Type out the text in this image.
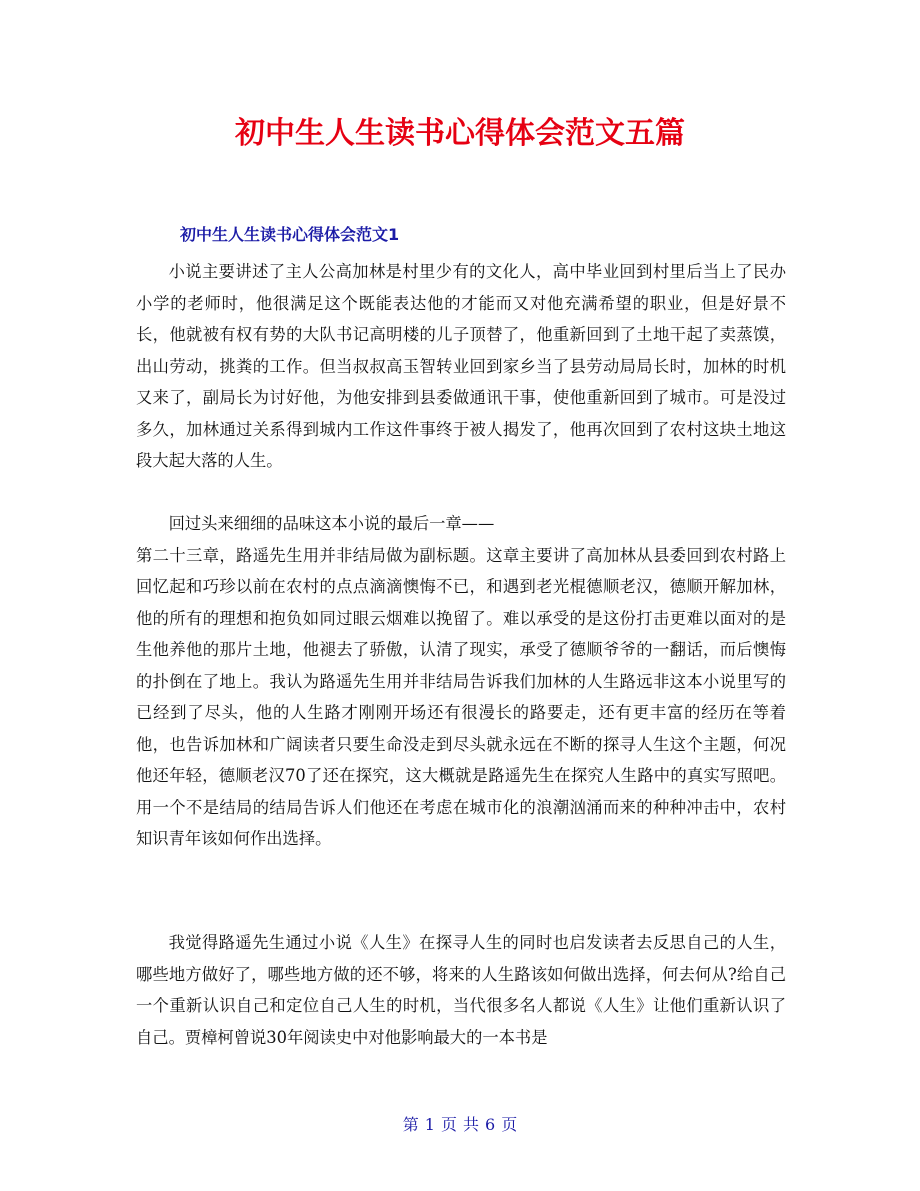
初中生人生读书心得体会范文五篇
初中生人生读书心得体会范文1

小说主要讲述了主人公高加林是村里少有的文化人，高中毕业回到村里后当上了民办小学的老师时，他很满足这个既能表达他的才能而又对他充满希望的职业，但是好景不长，他就被有权有势的大队书记高明楼的儿子顶替了，他重新回到了土地干起了卖蒸馍，出山劳动，挑粪的工作。但当叔叔高玉智转业回到家乡当了县劳动局局长时，加林的时机又来了，副局长为讨好他，为他安排到县委做通讯干事，使他重新回到了城市。可是没过多久，加林通过关系得到城内工作这件事终于被人揭发了，他再次回到了农村这块土地这段大起大落的人生。

回过头来细细的品味这本小说的最后一章——
第二十三章，路遥先生用并非结局做为副标题。这章主要讲了高加林从县委回到农村路上回忆起和巧珍以前在农村的点点滴滴懊悔不已，和遇到老光棍德顺老汉，德顺开解加林，他的所有的理想和抱负如同过眼云烟难以挽留了。难以承受的是这份打击更难以面对的是生他养他的那片土地，他褪去了骄傲，认清了现实，承受了德顺爷爷的一翻话，而后懊悔的扑倒在了地上。我认为路遥先生用并非结局告诉我们加林的人生路远非这本小说里写的已经到了尽头，他的人生路才刚刚开场还有很漫长的路要走，还有更丰富的经历在等着他，也告诉加林和广阔读者只要生命没走到尽头就永远在不断的探寻人生这个主题，何况他还年轻，德顺老汉70了还在探究，这大概就是路遥先生在探究人生路中的真实写照吧。用一个不是结局的结局告诉人们他还在考虑在城市化的浪潮汹涌而来的种种冲击中，农村知识青年该如何作出选择。

我觉得路遥先生通过小说《人生》在探寻人生的同时也启发读者去反思自己的人生，哪些地方做好了，哪些地方做的还不够，将来的人生路该如何做出选择，何去何从?给自己一个重新认识自己和定位自己人生的时机，当代很多名人都说《人生》让他们重新认识了自己。贾樟柯曾说30年阅读史中对他影响最大的一本书是

第 1 页 共 6 页
